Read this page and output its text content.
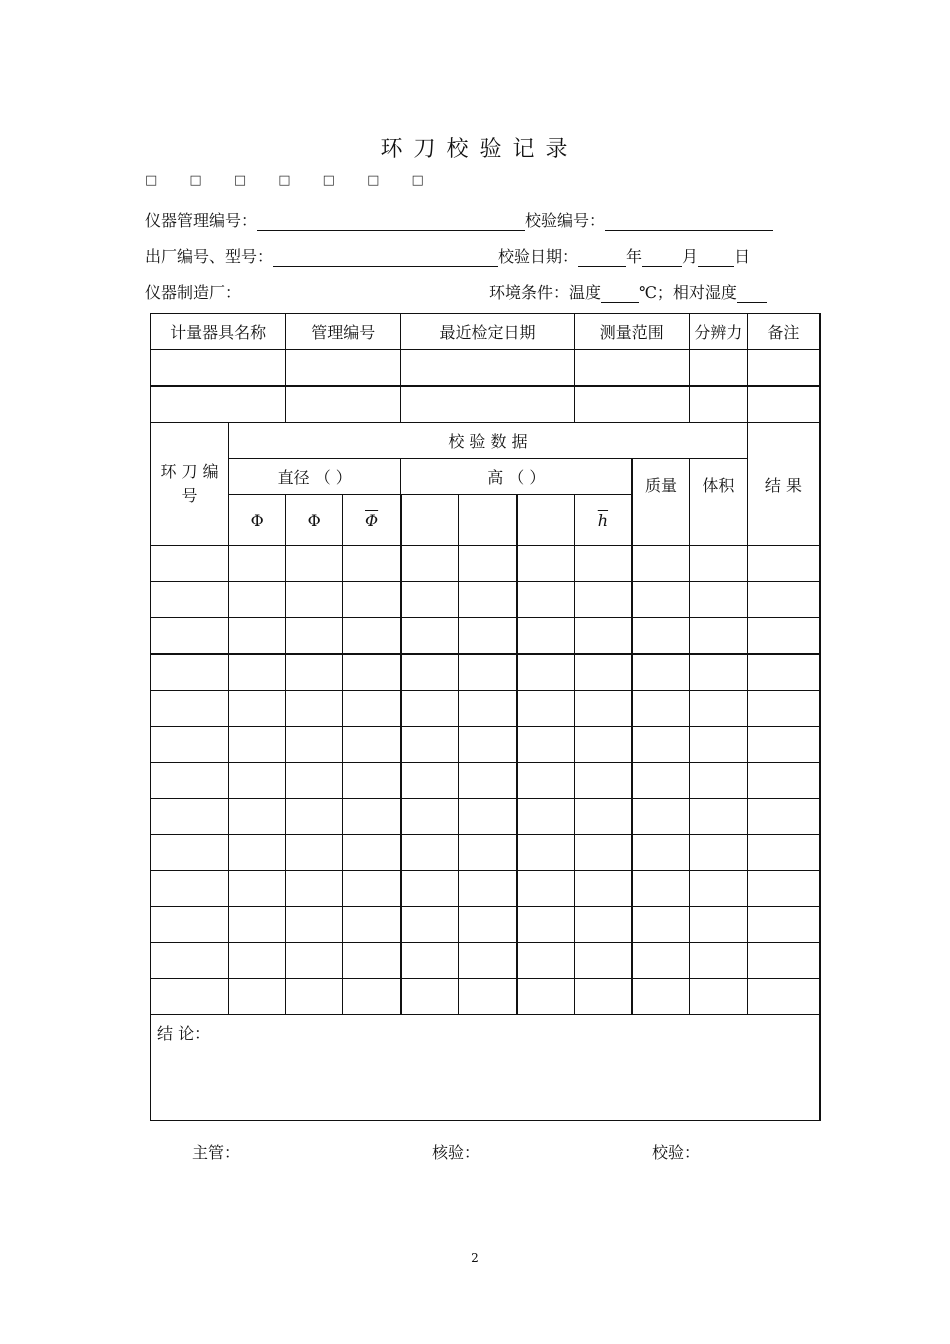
环 刀 校 验 记 录
□ □ □ □ □ □ □
仪器管理编号：	校验编号：
出厂编号、型号：	校验日期：	年	月 日
仪器制造厂：	环境条件：温度 ℃；相对湿度
计量器具名称		管理编号		最近检定日期			测量范围		分辨力	备注

环 刀 编 号	校 验 数 据									结 果
	直径 （ ）			高 （ ）				质量	体积	
	Φ	Φ	$\overline{\Phi}$				$\overline{h}$

结 论：
主管：	核验：	校验：
2
